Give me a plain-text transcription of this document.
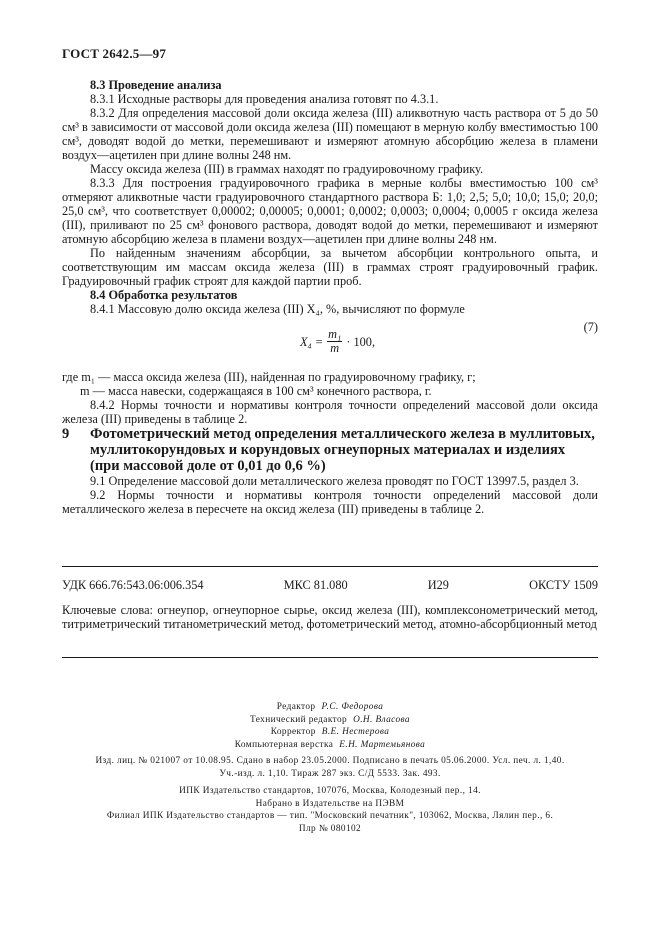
ГОСТ 2642.5—97

8.3 Проведение анализа

8.3.1 Исходные растворы для проведения анализа готовят по 4.3.1.

8.3.2 Для определения массовой доли оксида железа (III) аликвотную часть раствора от 5 до 50 см³ в зависимости от массовой доли оксида железа (III) помещают в мерную колбу вместимостью 100 см³, доводят водой до метки, перемешивают и измеряют атомную абсорбцию железа в пламени воздух—ацетилен при длине волны 248 нм.

Массу оксида железа (III) в граммах находят по градуировочному графику.

8.3.3 Для построения градуировочного графика в мерные колбы вместимостью 100 см³ отмеряют аликвотные части градуировочного стандартного раствора Б: 1,0; 2,5; 5,0; 10,0; 15,0; 20,0; 25,0 см³, что соответствует 0,00002; 0,00005; 0,0001; 0,0002; 0,0003; 0,0004; 0,0005 г оксида железа (III), приливают по 25 см³ фонового раствора, доводят водой до метки, перемешивают и измеряют атомную абсорбцию железа в пламени воздух—ацетилен при длине волны 248 нм.

По найденным значениям абсорбции, за вычетом абсорбции контрольного опыта, и соответствующим им массам оксида железа (III) в граммах строят градуировочный график. Градуировочный график строят для каждой партии проб.

8.4 Обработка результатов

8.4.1 Массовую долю оксида железа (III) X₄, %, вычисляют по формуле

$X_4 = \frac{\text{m₁}}{m} \cdot 100$,
(7)

где m₁ — масса оксида железа (III), найденная по градуировочному графику, г;

m — масса навески, содержащаяся в 100 см³ конечного раствора, г.

8.4.2 Нормы точности и нормативы контроля точности определений массовой доли оксида железа (III) приведены в таблице 2.

9 Фотометрический метод определения металлического железа в муллитовых, муллитокорундовых и корундовых огнеупорных материалах и изделиях (при массовой доле от 0,01 до 0,6 %)

9.1 Определение массовой доли металлического железа проводят по ГОСТ 13997.5, раздел 3.

9.2 Нормы точности и нормативы контроля точности определений массовой доли металлического железа в пересчете на оксид железа (III) приведены в таблице 2.

УДК 666.76:543.06:006.354	МКС 81.080	И29	ОКСТУ 1509
Ключевые слова: огнеупор, огнеупорное сырье, оксид железа (III), комплексонометрический метод, титриметрический титанометрический метод, фотометрический метод, атомно-абсорбционный метод
Редактор Р.С. Федорова
Технический редактор О.Н. Власова
Корректор В.Е. Нестерова
Компьютерная верстка Е.Н. Мартемьянова
Изд. лиц. № 021007 от 10.08.95. Сдано в набор 23.05.2000. Подписано в печать 05.06.2000. Усл. печ. л. 1,40.
Уч.-изд. л. 1,10. Тираж 287 экз. С/Д 5533. Зак. 493.
ИПК Издательство стандартов, 107076, Москва, Колодезный пер., 14.
Набрано в Издательстве на ПЭВМ
Филиал ИПК Издательство стандартов — тип. "Московский печатник", 103062, Москва, Лялин пер., 6.
Плр № 080102
